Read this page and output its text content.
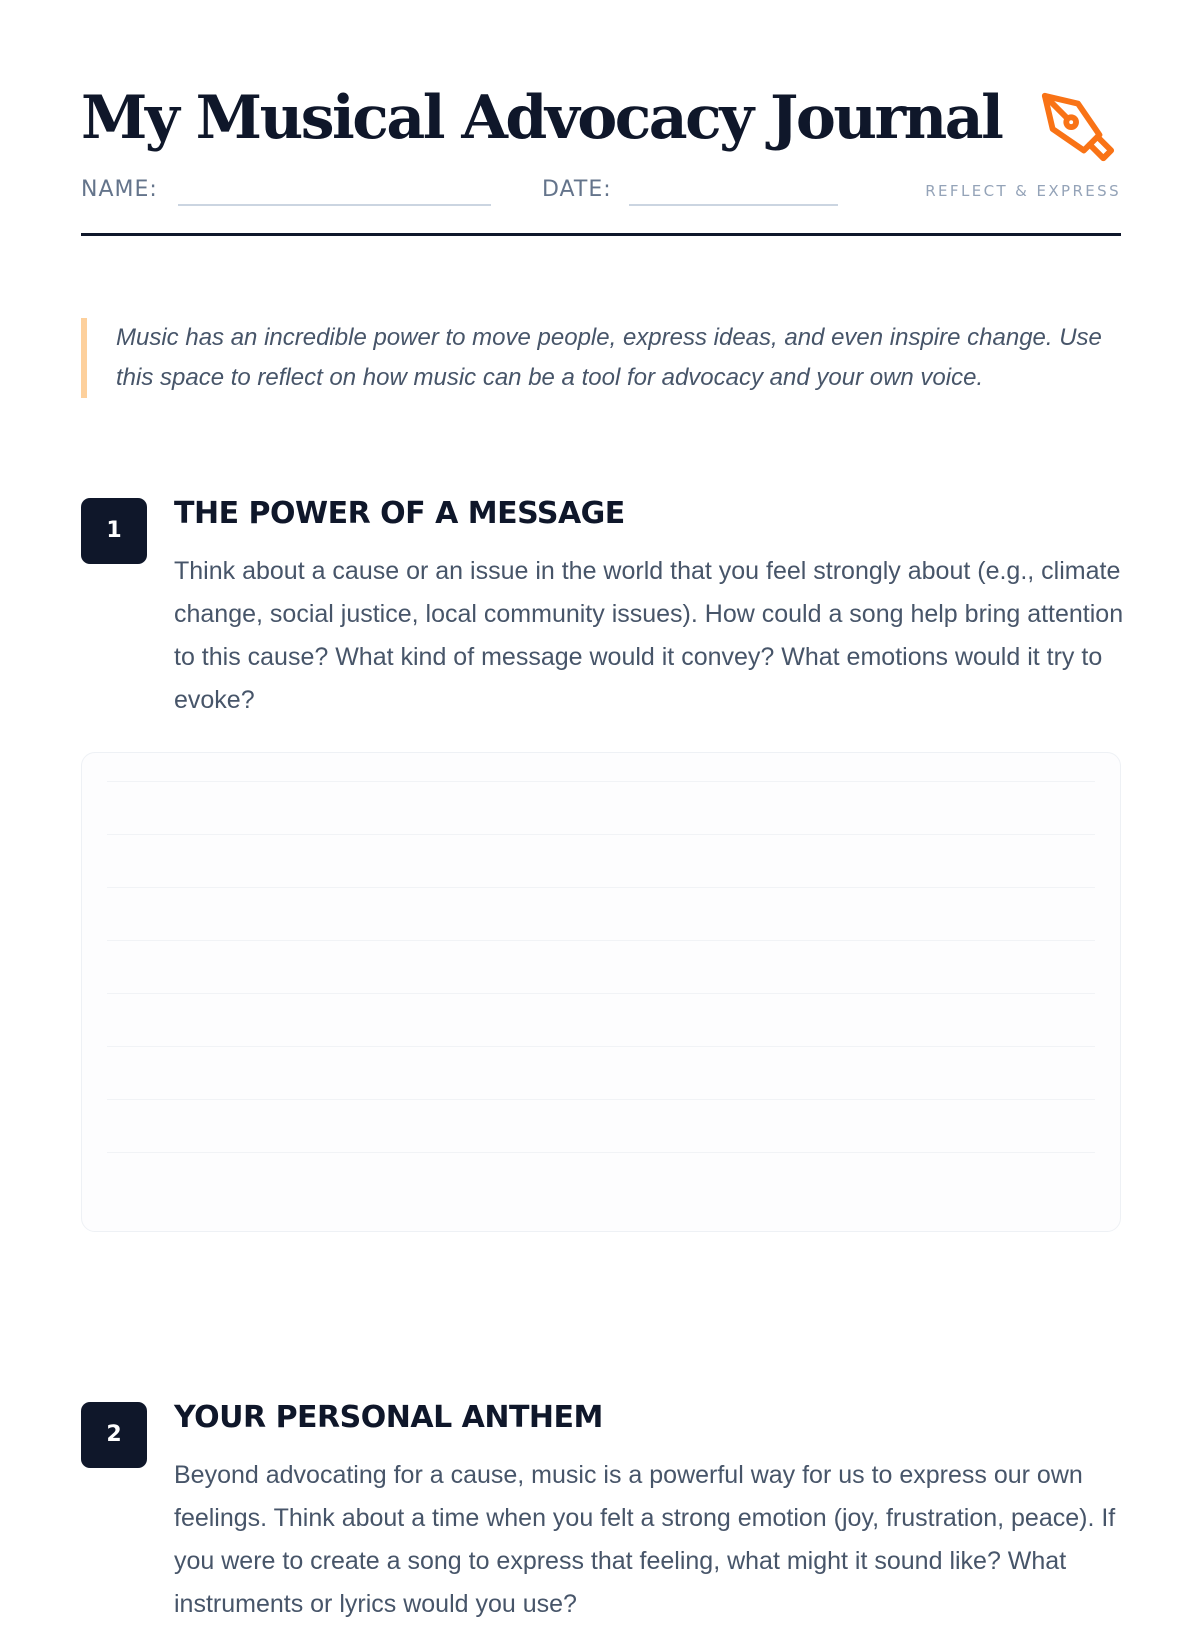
My Musical Advocacy Journal
NAME:	DATE:	REFLECT & EXPRESS

Music has an incredible power to move people, express ideas, and even inspire change. Use this space to reflect on how music can be a tool for advocacy and your own voice.

1	THE POWER OF A MESSAGE

Think about a cause or an issue in the world that you feel strongly about (e.g., climate change, social justice, local community issues). How could a song help bring attention to this cause? What kind of message would it convey? What emotions would it try to evoke?

2	YOUR PERSONAL ANTHEM

Beyond advocating for a cause, music is a powerful way for us to express our own feelings. Think about a time when you felt a strong emotion (joy, frustration, peace). If you were to create a song to express that feeling, what might it sound like? What instruments or lyrics would you use?
